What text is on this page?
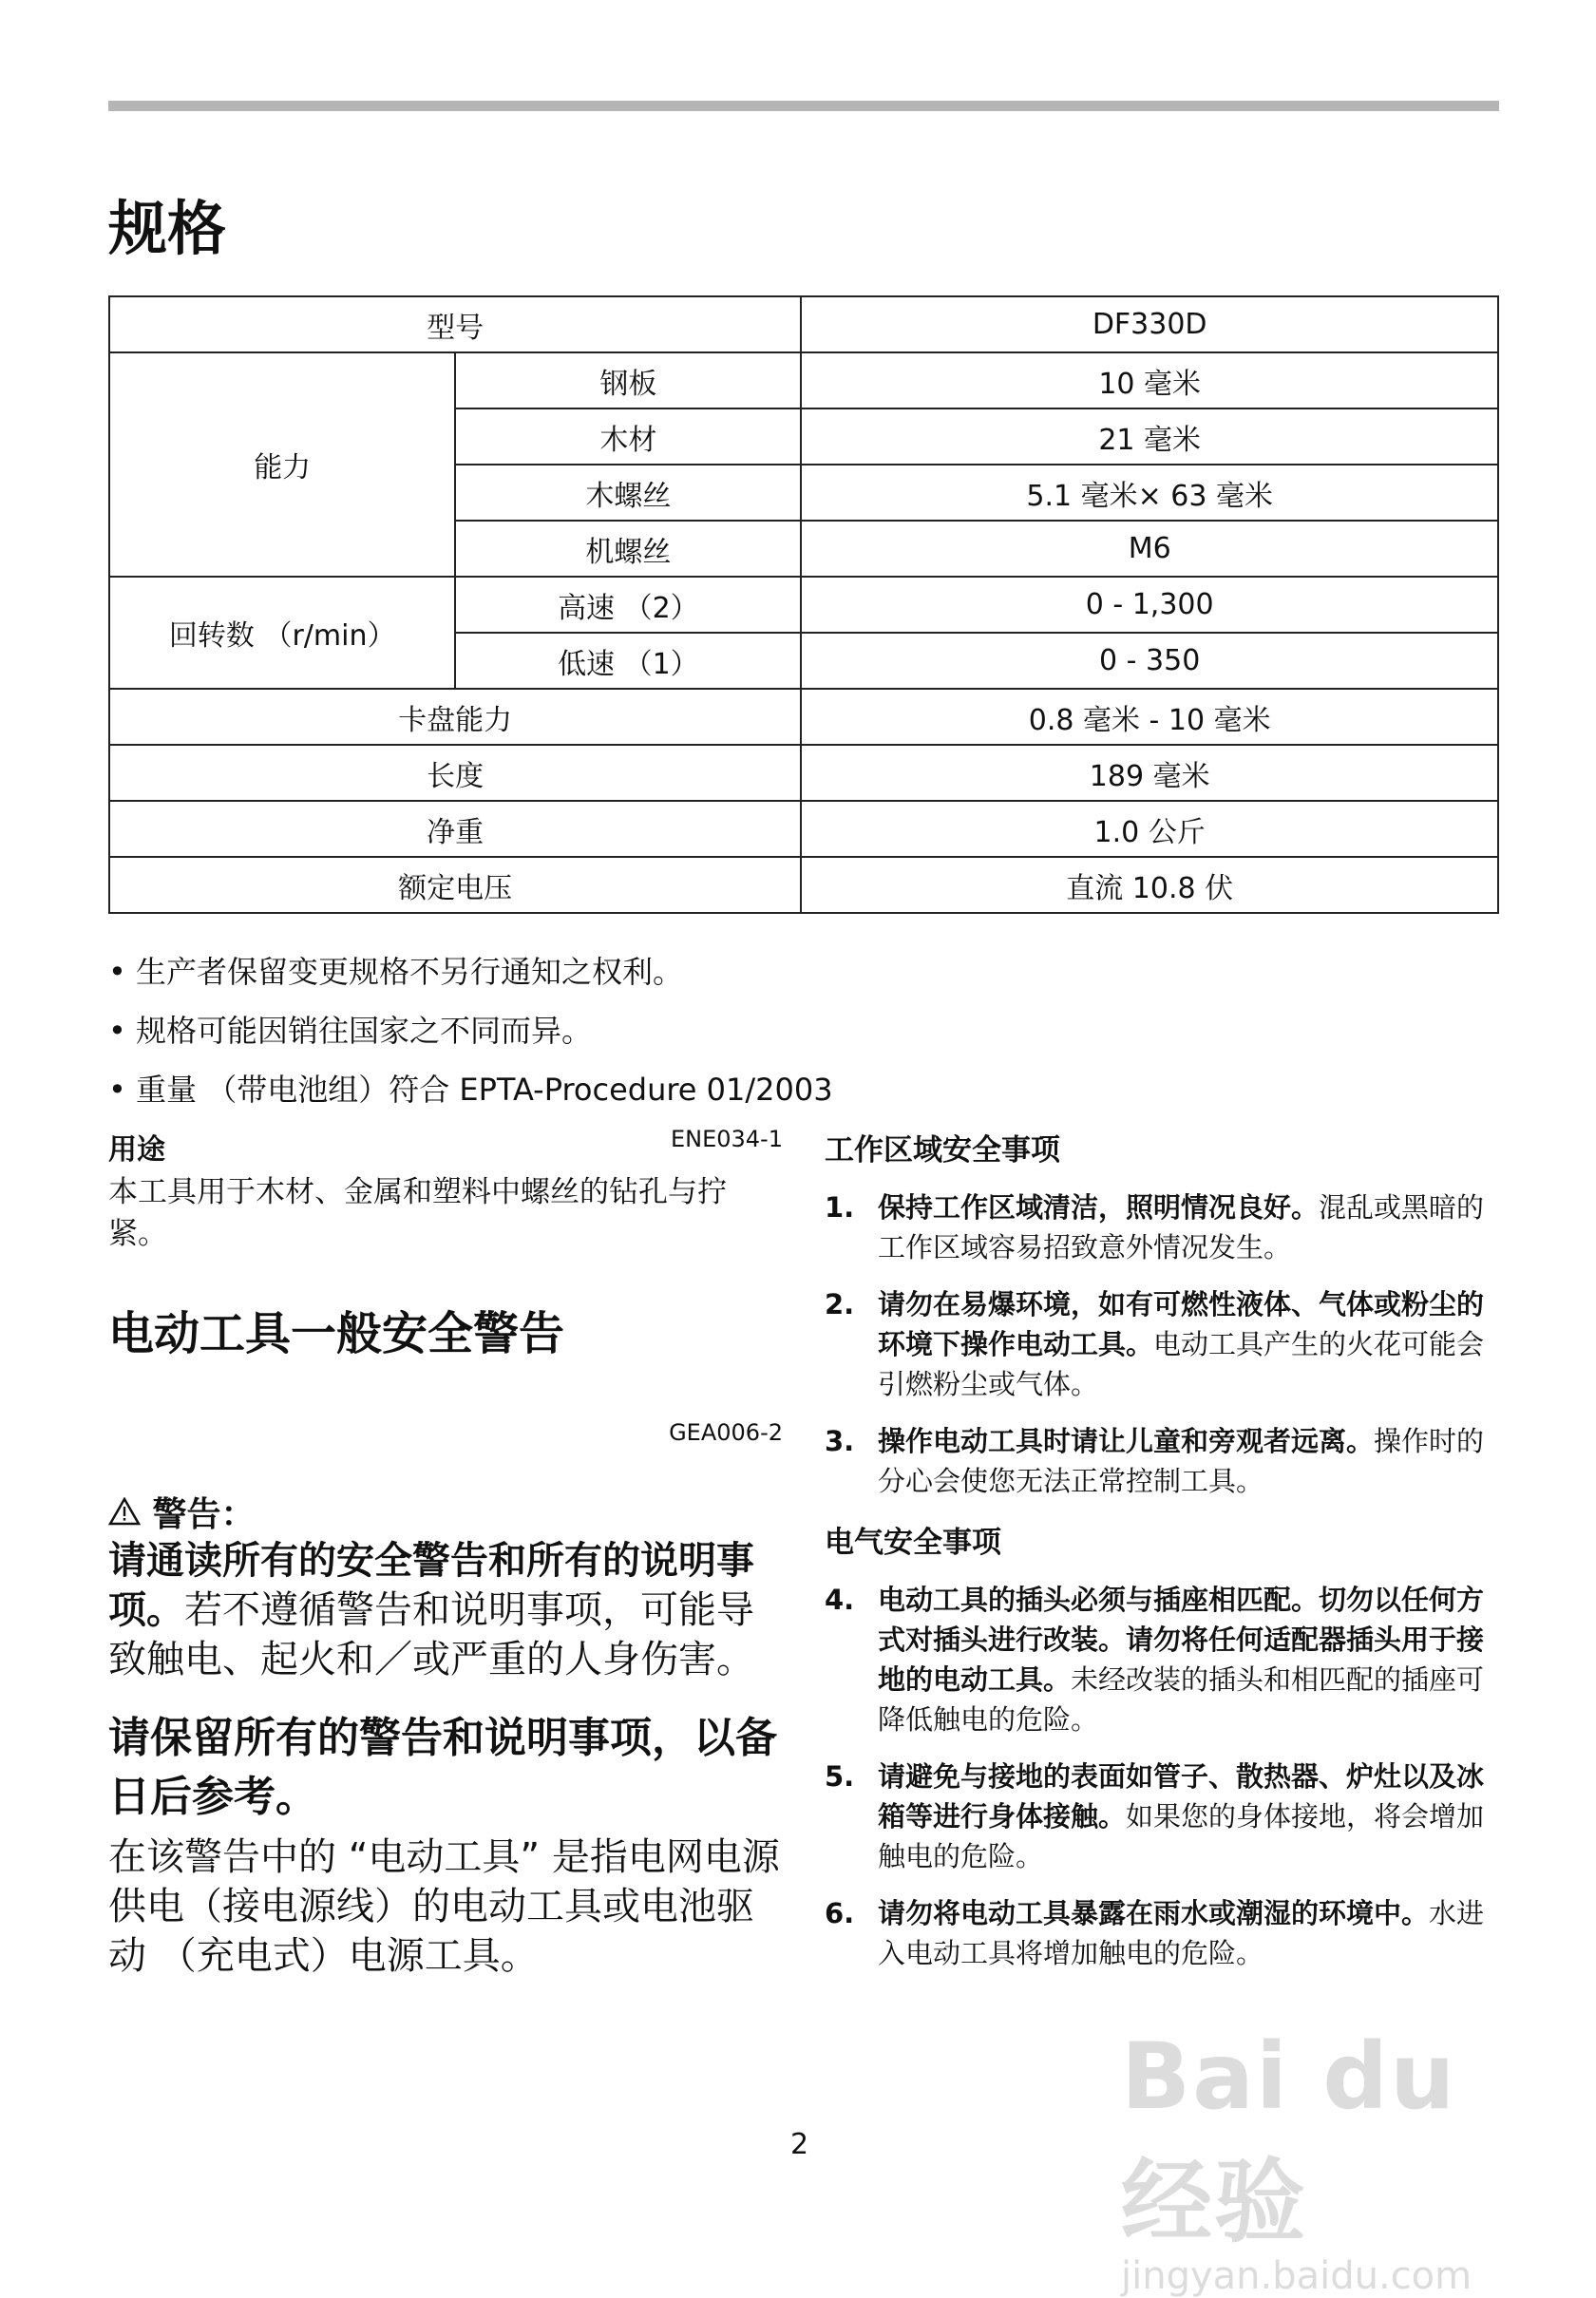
规格
型号		DF330D
能力	钢板	10 毫米
	木材	21 毫米
	木螺丝	5.1 毫米× 63 毫米
	机螺丝	M6
回转数 （r/min）	高速 （2）	0 - 1,300
	低速 （1）	0 - 350
卡盘能力		0.8 毫米 - 10 毫米
长度		189 毫米
净重		1.0 公斤
额定电压		直流 10.8 伏
• 生产者保留变更规格不另行通知之权利。
• 规格可能因销往国家之不同而异。
• 重量 （带电池组）符合 EPTA-Procedure 01/2003
用途	ENE034-1
本工具用于木材、金属和塑料中螺丝的钻孔与拧紧。
电动工具一般安全警告
GEA006-2
警告：
请通读所有的安全警告和所有的说明事项。若不遵循警告和说明事项，可能导致触电、起火和／或严重的人身伤害。
请保留所有的警告和说明事项，以备日后参考。
在该警告中的 “电动工具” 是指电网电源供电（接电源线）的电动工具或电池驱动 （充电式）电源工具。
工作区域安全事项
1. 保持工作区域清洁，照明情况良好。混乱或黑暗的工作区域容易招致意外情况发生。
2. 请勿在易爆环境，如有可燃性液体、气体或粉尘的环境下操作电动工具。电动工具产生的火花可能会引燃粉尘或气体。
3. 操作电动工具时请让儿童和旁观者远离。操作时的分心会使您无法正常控制工具。
电气安全事项
4. 电动工具的插头必须与插座相匹配。切勿以任何方式对插头进行改装。请勿将任何适配器插头用于接地的电动工具。未经改装的插头和相匹配的插座可降低触电的危险。
5. 请避免与接地的表面如管子、散热器、炉灶以及冰箱等进行身体接触。如果您的身体接地，将会增加触电的危险。
6. 请勿将电动工具暴露在雨水或潮湿的环境中。水进入电动工具将增加触电的危险。
2
Bai du 经验
jingyan.baidu.com
